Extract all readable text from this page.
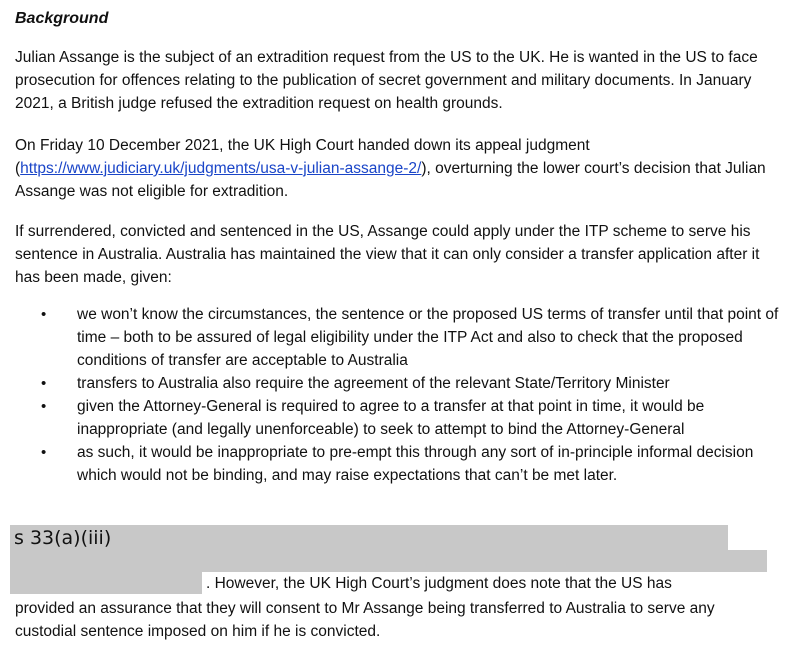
Background

Julian Assange is the subject of an extradition request from the US to the UK. He is wanted in the US to face prosecution for offences relating to the publication of secret government and military documents. In January 2021, a British judge refused the extradition request on health grounds.

On Friday 10 December 2021, the UK High Court handed down its appeal judgment (https://www.judiciary.uk/judgments/usa-v-julian-assange-2/), overturning the lower court’s decision that Julian Assange was not eligible for extradition.

If surrendered, convicted and sentenced in the US, Assange could apply under the ITP scheme to serve his sentence in Australia. Australia has maintained the view that it can only consider a transfer application after it has been made, given:

• we won’t know the circumstances, the sentence or the proposed US terms of transfer until that point of time – both to be assured of legal eligibility under the ITP Act and also to check that the proposed conditions of transfer are acceptable to Australia
• transfers to Australia also require the agreement of the relevant State/Territory Minister
• given the Attorney-General is required to agree to a transfer at that point in time, it would be inappropriate (and legally unenforceable) to seek to attempt to bind the Attorney-General
• as such, it would be inappropriate to pre-empt this through any sort of in-principle informal decision which would not be binding, and may raise expectations that can’t be met later.
s 33(a)(iii)
. However, the UK High Court’s judgment does note that the US has

provided an assurance that they will consent to Mr Assange being transferred to Australia to serve any custodial sentence imposed on him if he is convicted.
